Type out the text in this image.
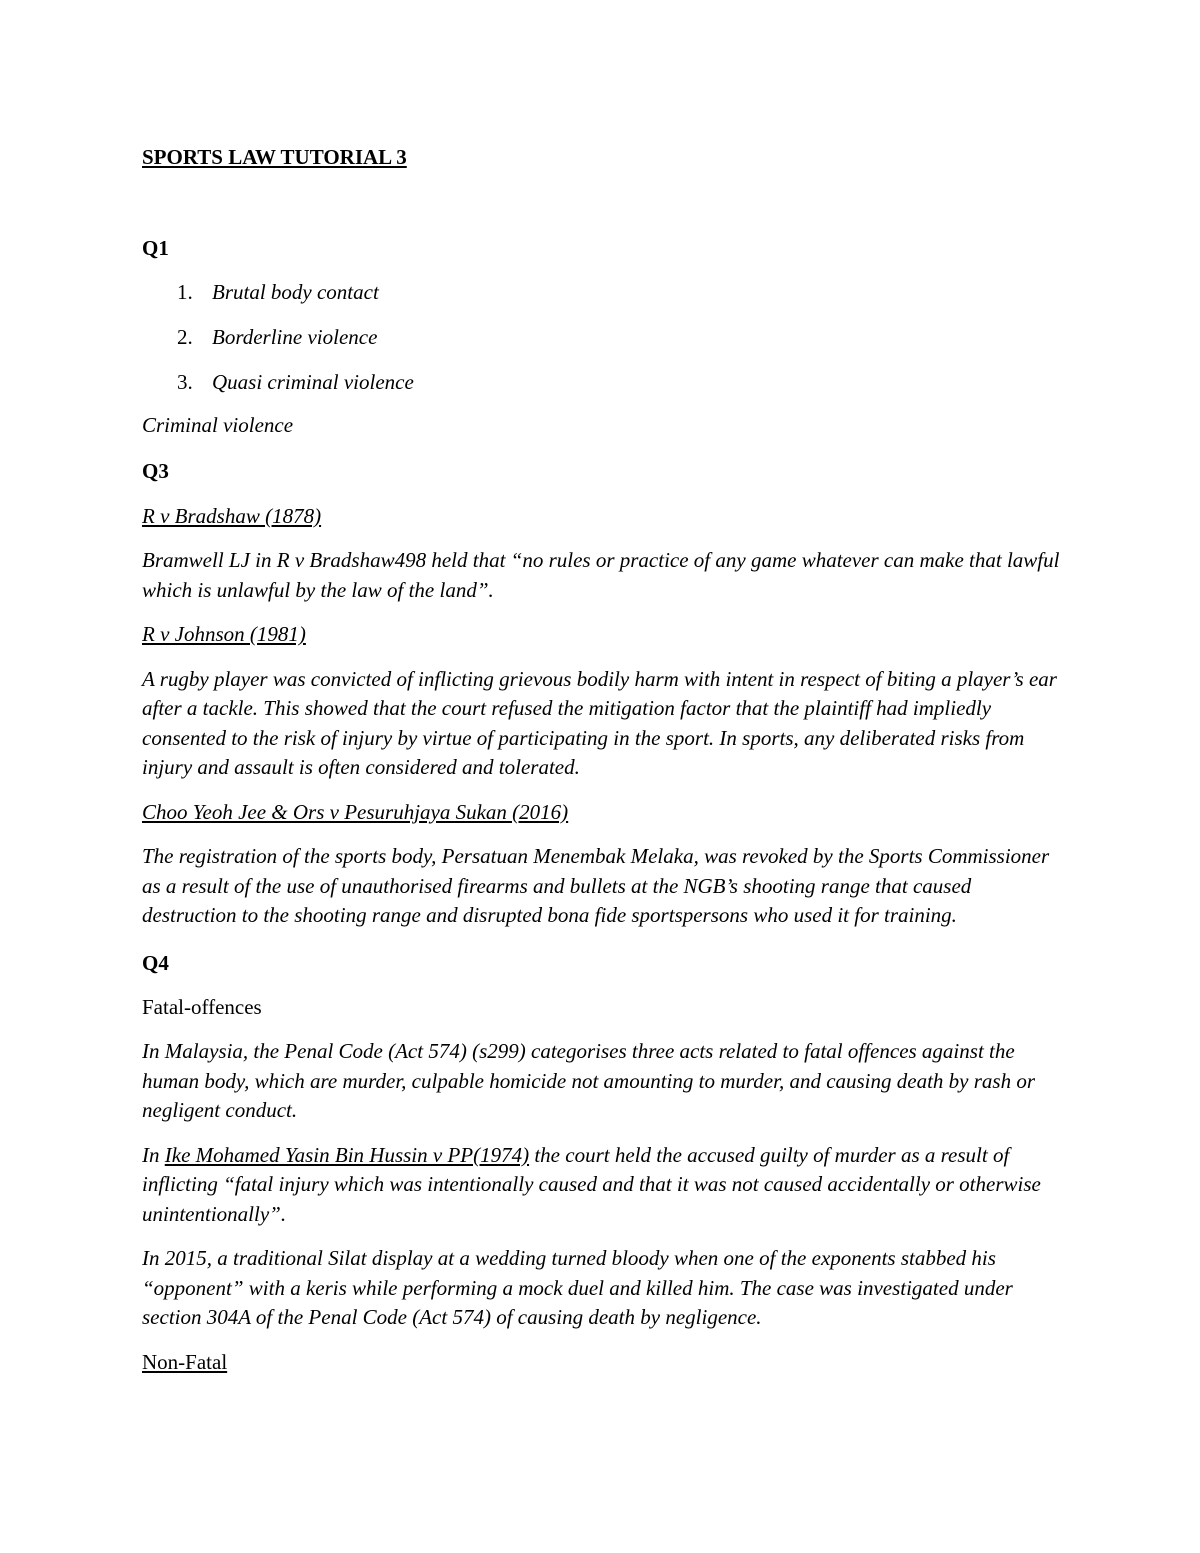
SPORTS LAW TUTORIAL 3

Q1

1. Brutal body contact
2. Borderline violence
3. Quasi criminal violence

Criminal violence

Q3

R v Bradshaw (1878)

Bramwell LJ in R v Bradshaw498 held that “no rules or practice of any game whatever can make that lawful which is unlawful by the law of the land”.

R v Johnson (1981)

A rugby player was convicted of inflicting grievous bodily harm with intent in respect of biting a player’s ear after a tackle. This showed that the court refused the mitigation factor that the plaintiff had impliedly consented to the risk of injury by virtue of participating in the sport. In sports, any deliberated risks from injury and assault is often considered and tolerated.

Choo Yeoh Jee & Ors v Pesuruhjaya Sukan (2016)

The registration of the sports body, Persatuan Menembak Melaka, was revoked by the Sports Commissioner as a result of the use of unauthorised firearms and bullets at the NGB’s shooting range that caused destruction to the shooting range and disrupted bona fide sportspersons who used it for training.

Q4

Fatal-offences

In Malaysia, the Penal Code (Act 574) (s299) categorises three acts related to fatal offences against the human body, which are murder, culpable homicide not amounting to murder, and causing death by rash or negligent conduct.

In Ike Mohamed Yasin Bin Hussin v PP(1974) the court held the accused guilty of murder as a result of inflicting “fatal injury which was intentionally caused and that it was not caused accidentally or otherwise unintentionally”.

In 2015, a traditional Silat display at a wedding turned bloody when one of the exponents stabbed his “opponent” with a keris while performing a mock duel and killed him. The case was investigated under section 304A of the Penal Code (Act 574) of causing death by negligence.

Non-Fatal
